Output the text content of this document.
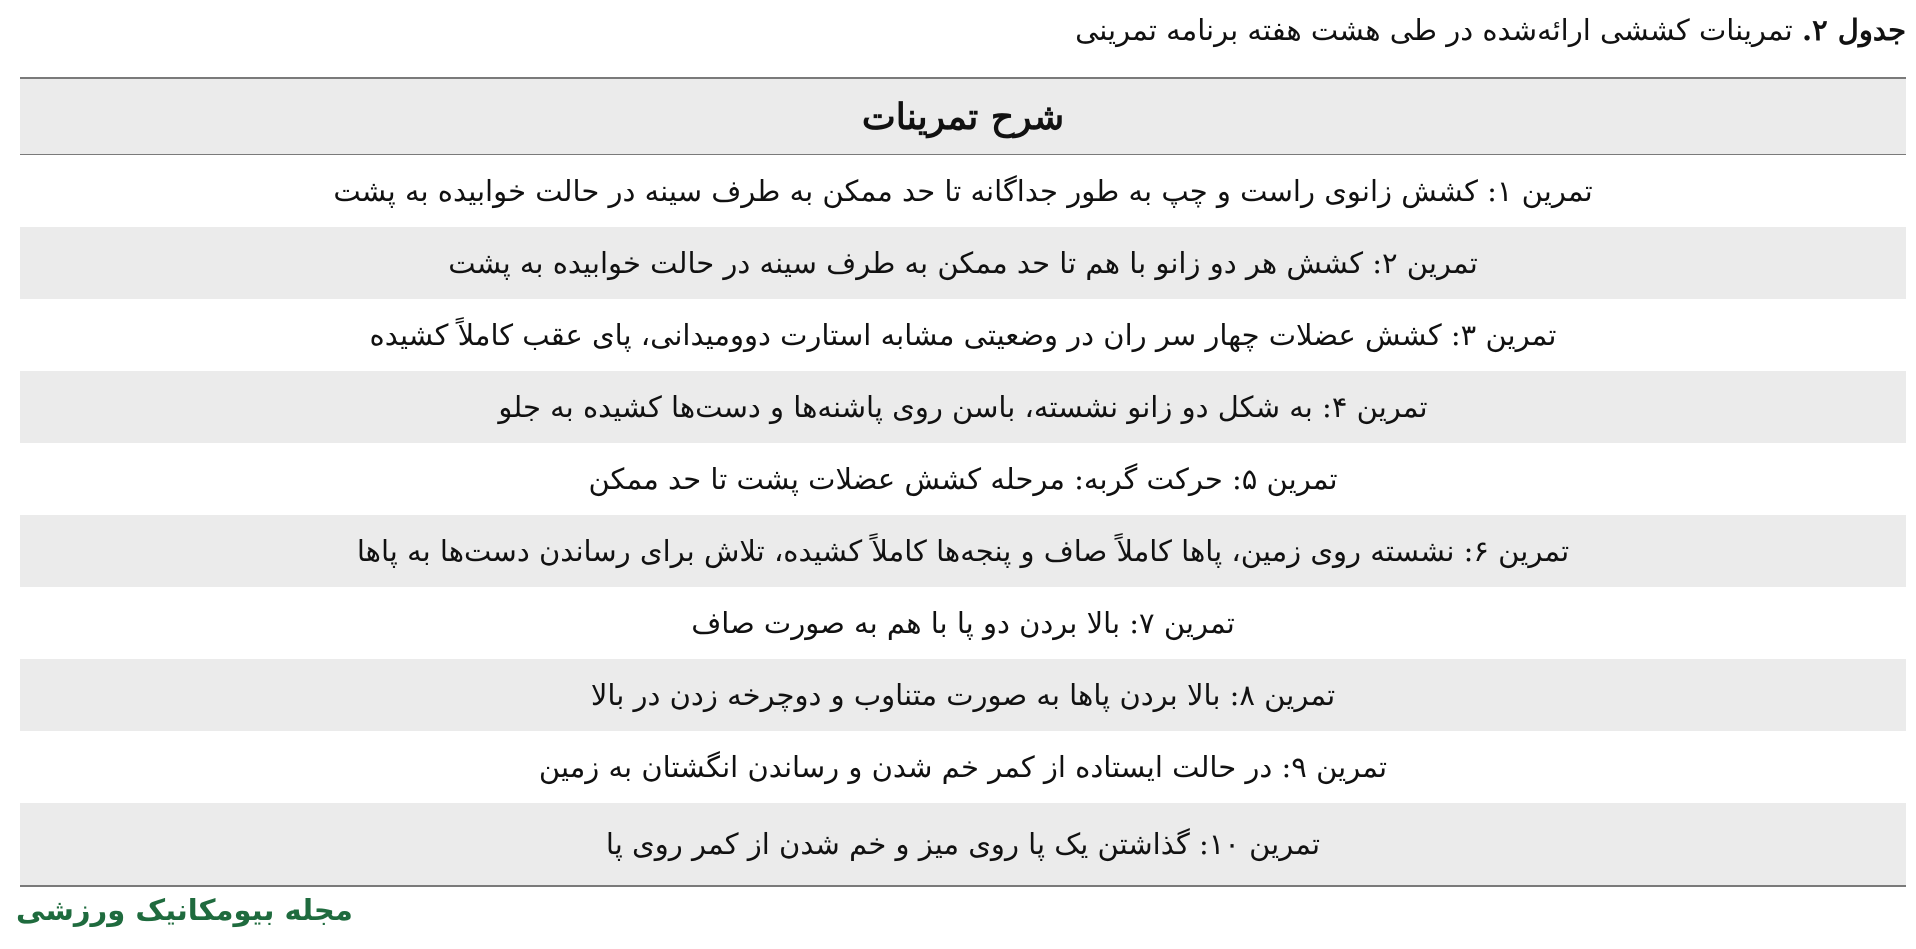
جدول ۲. تمرینات کششی ارائه‌شده در طی هشت هفته برنامه تمرینی
شرح تمرینات
تمرین ۱: کشش زانوی راست و چپ به طور جداگانه تا حد ممکن به طرف سینه در حالت خوابیده به پشت
تمرین ۲: کشش هر دو زانو با هم تا حد ممکن به طرف سینه در حالت خوابیده به پشت
تمرین ۳: کشش عضلات چهار سر ران در وضعیتی مشابه استارت دوومیدانی، پای عقب کاملاً کشیده
تمرین ۴: به شکل دو زانو نشسته، باسن روی پاشنه‌ها و دست‌ها کشیده به جلو
تمرین ۵: حرکت گربه: مرحله کشش عضلات پشت تا حد ممکن
تمرین ۶: نشسته روی زمین، پاها کاملاً صاف و پنجه‌ها کاملاً کشیده، تلاش برای رساندن دست‌ها به پاها
تمرین ۷: بالا بردن دو پا با هم به صورت صاف
تمرین ۸: بالا بردن پاها به صورت متناوب و دوچرخه زدن در بالا
تمرین ۹: در حالت ایستاده از کمر خم شدن و رساندن انگشتان به زمین
تمرین ۱۰: گذاشتن یک پا روی میز و خم شدن از کمر روی پا
مجله بیومکانیک ورزشی
